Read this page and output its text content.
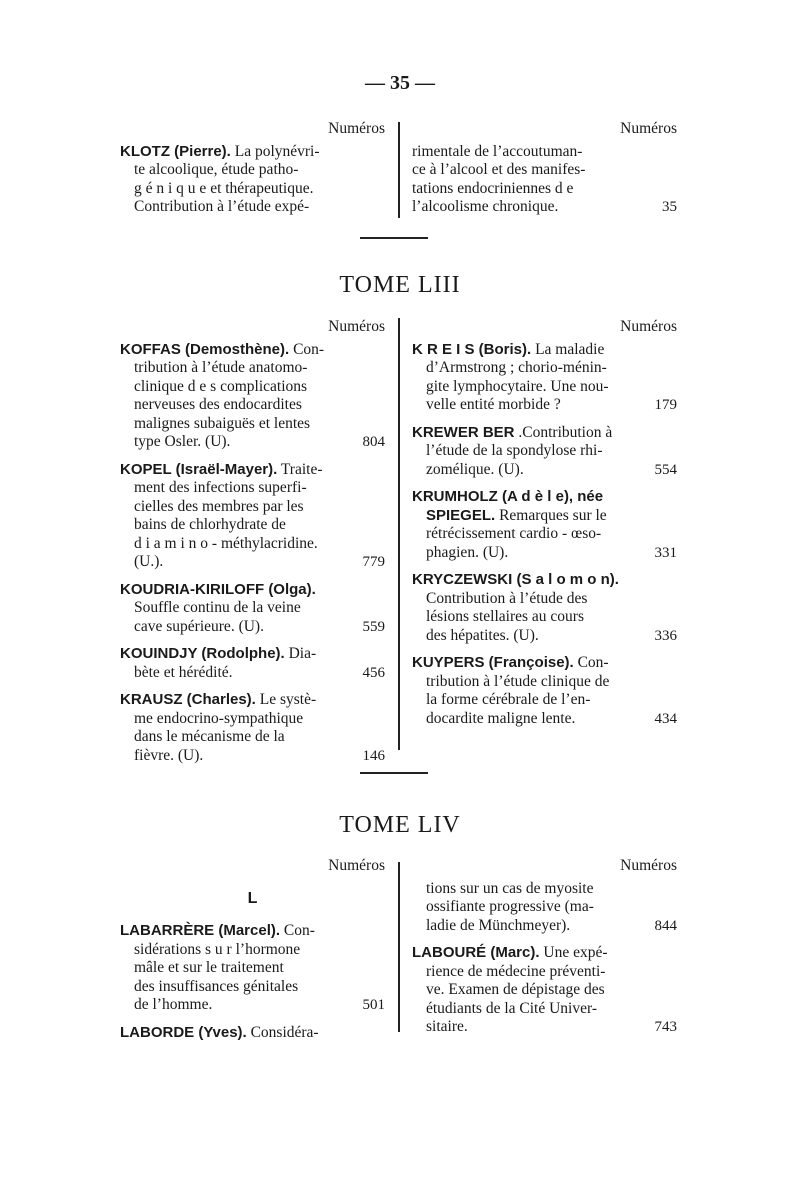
— 35 —
Numéros
KLOTZ (Pierre). La polynévri-
te alcoolique, étude patho-
g é n i q u e et thérapeutique.
Contribution à l’étude expé-
Numéros
rimentale de l’accoutuman-
ce à l’alcool et des manifes-
tations endocriniennes d e
l’alcoolisme chronique.	35
TOME LIII
Numéros
KOFFAS (Demosthène). Con-
tribution à l’étude anatomo-
clinique d e s complications
nerveuses des endocardites
malignes subaiguës et lentes
type Osler. (U).	804
KOPEL (Israël-Mayer). Traite-
ment des infections superfi-
cielles des membres par les
bains de chlorhydrate de
d i a m i n o - méthylacridine.
(U.).	779
KOUDRIA-KIRILOFF (Olga).
Souffle continu de la veine
cave supérieure. (U).	559
KOUINDJY (Rodolphe). Dia-
bète et hérédité.	456
KRAUSZ (Charles). Le systè-
me endocrino-sympathique
dans le mécanisme de la
fièvre. (U).	146
Numéros
K R E I S (Boris). La maladie
d’Armstrong ; chorio-ménin-
gite lymphocytaire. Une nou-
velle entité morbide ?	179
KREWER BER .Contribution à
l’étude de la spondylose rhi-
zomélique. (U).	554
KRUMHOLZ (A d è l e), née
SPIEGEL. Remarques sur le
rétrécissement cardio - œso-
phagien. (U).	331
KRYCZEWSKI (S a l o m o n).
Contribution à l’étude des
lésions stellaires au cours
des hépatites. (U).	336
KUYPERS (Françoise). Con-
tribution à l’étude clinique de
la forme cérébrale de l’en-
docardite maligne lente.	434
TOME LIV
Numéros
L
LABARRÈRE (Marcel). Con-
sidérations s u r l’hormone
mâle et sur le traitement
des insuffisances génitales
de l’homme.	501
LABORDE (Yves). Considéra-
Numéros
tions sur un cas de myosite
ossifiante progressive (ma-
ladie de Münchmeyer).	844
LABOURÉ (Marc). Une expé-
rience de médecine préventi-
ve. Examen de dépistage des
étudiants de la Cité Univer-
sitaire.	743
